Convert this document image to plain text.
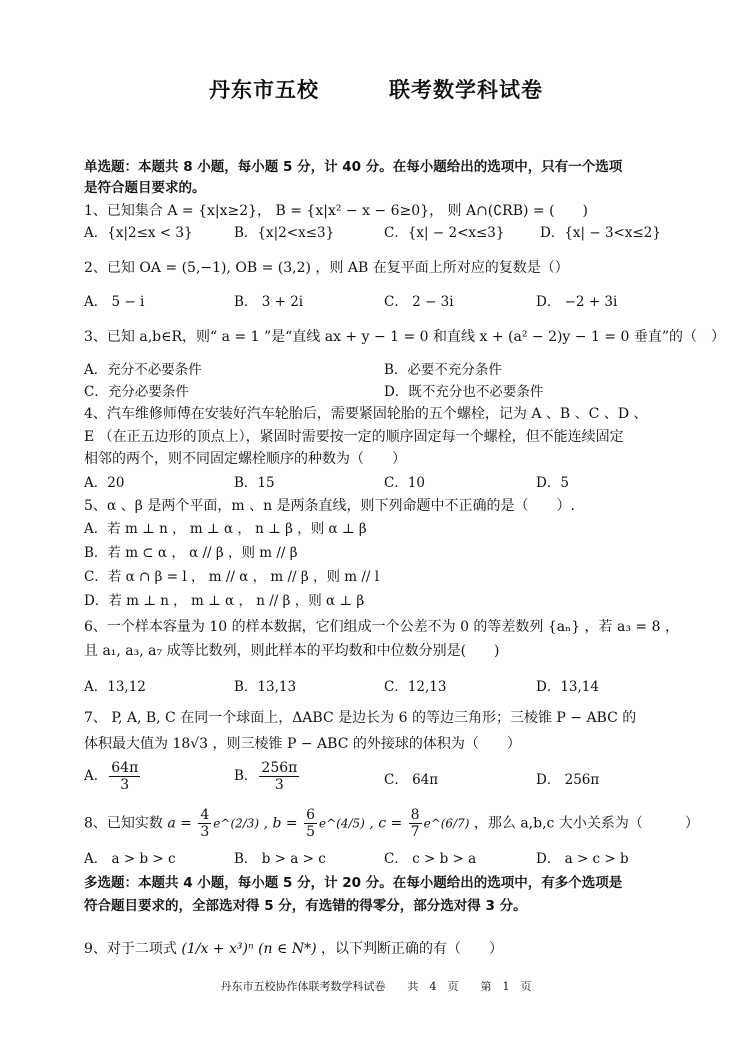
丹东市五校	联考数学科试卷
单选题：本题共 8 小题，每小题 5 分，计 40 分。在每小题给出的选项中，只有一个选项
是符合题目要求的。
1、已知集合 A = {x|x≥2}， B = {x|x² − x − 6≥0}， 则 A∩(∁RB) = (　　)
A．{x|2≤x < 3}	B．{x|2<x≤3}	C．{x| − 2<x≤3}	D．{x| − 3<x≤2}
2、已知 OA = (5,−1), OB = (3,2) ，则 AB 在复平面上所对应的复数是（）
A． 5 − i	B． 3 + 2i	C． 2 − 3i	D． −2 + 3i
3、已知 a,b∈R，则“ a = 1 ”是“直线 ax + y − 1 = 0 和直线 x + (a² − 2)y − 1 = 0 垂直”的（　）
A．充分不必要条件	B．必要不充分条件
C．充分必要条件	D．既不充分也不必要条件
4、汽车维修师傅在安装好汽车轮胎后，需要紧固轮胎的五个螺栓，记为 A 、B 、C 、D 、
E （在正五边形的顶点上），紧固时需要按一定的顺序固定每一个螺栓，但不能连续固定
相邻的两个，则不同固定螺栓顺序的种数为（　　）
A．20	B．15	C．10	D．5
5、α 、β 是两个平面，m 、n 是两条直线，则下列命题中不正确的是（　　）.
A．若 m ⊥ n ， m ⊥ α ， n ⊥ β ，则 α ⊥ β
B．若 m ⊂ α ， α // β ，则 m // β
C．若 α ∩ β = l ， m // α ， m // β ，则 m // l
D．若 m ⊥ n ， m ⊥ α ， n // β ，则 α ⊥ β
6、一个样本容量为 10 的样本数据，它们组成一个公差不为 0 的等差数列 {aₙ} ，若 a₃ = 8 ，
且 a₁, a₃, a₇ 成等比数列，则此样本的平均数和中位数分别是(　　)
A．13,12	B．13,13	C．12,13	D．13,14
7、 P, A, B, C 在同一个球面上，ΔABC 是边长为 6 的等边三角形；三棱锥 P − ABC 的
体积最大值为 18√3 ，则三棱锥 P − ABC 的外接球的体积为（　　）
A． $\frac{64\pi}{3}$	B． $\frac{256\pi}{3}$	C． 64π	D． 256π
8、已知实数 $a = \frac{4}{3}$ e^(2/3) , $b = \frac{6}{5}$ e^(4/5) , $c = \frac{8}{7}$ e^(6/7) ，那么 a,b,c 大小关系为（　　　）
A． a > b > c	B． b > a > c	C． c > b > a	D． a > c > b
多选题：本题共 4 小题，每小题 5 分，计 20 分。在每小题给出的选项中，有多个选项是
符合题目要求的，全部选对得 5 分，有选错的得零分，部分选对得 3 分。
9、对于二项式 (1/x + x³)ⁿ (n ∈ N*) ，以下判断正确的有（　　）
丹东市五校协作体联考数学科试卷　　共　4　页　　第　1　页
